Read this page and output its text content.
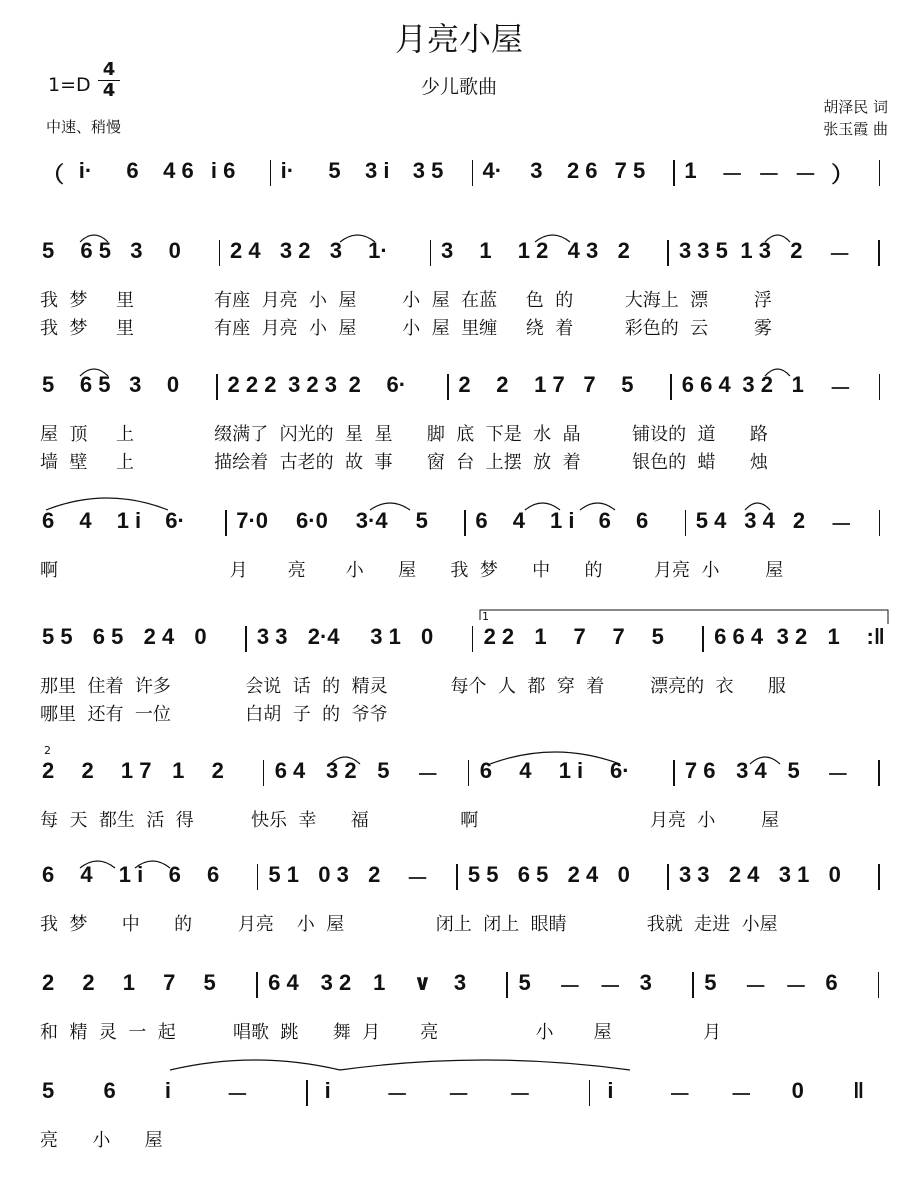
月亮小屋
少儿歌曲
1=D
4
4
中速、稍慢
胡泽民 词
张玉霞 曲
（ i· 6 4 6 i 6 i· 5 3 i 3 5 4· 3 2 6 7 5 1 － － － ）
5 6 5 3 0 2 4 3 2 3 1· 3 1 1 2 4 3 2 3 3 5 1 3 2 －
我  梦     里              有座  月亮  小  屋        小  屋  在蓝     色  的         大海上  漂        浮
我  梦     里              有座  月亮  小  屋        小  屋  里缠     绕  着         彩色的  云        雾
5 6 5 3 0 2 2 2 3 2 3 2 6· 2 2 1 7 7 5 6 6 4 3 2 1 －
屋  顶     上              缀满了  闪光的  星  星      脚  底  下是  水  晶         铺设的  道      路
墙  壁     上              描绘着  古老的  故  事      窗  台  上摆  放  着         银色的  蜡      烛
6 4 1 i 6· 7·0 6·0 3·4 5 6 4 1 i 6 6 5 4 3 4 2 －
啊                              月       亮       小      屋      我  梦      中      的         月亮  小        屋
5 5 6 5 2 4 0 3 3 2·4 3 1 0 2 2 1 7 7 5 6 6 4 3 2 1 :‖
那里  住着  许多             会说  话  的  精灵           每个  人  都  穿  着        漂亮的  衣      服
哪里  还有  一位             白胡  子  的  爷爷
1
2 2 1 7 1 2 6 4 3 2 5 － 6 4 1 i 6·	7 6 3 4 5 －
每  天  都生  活  得          快乐  幸      福                啊                              月亮  小        屋
2
6 4 1 i 6 6 5 1 0 3 2 － 5 5 6 5 2 4 0 3 3 2 4 3 1 0
我  梦      中      的        月亮    小  屋                闭上  闭上  眼睛              我就  走进  小屋
2 2 1 7 5 6 4 3 2 1 ∨ 3 5 － － 3 5 － － 6
和  精  灵  一  起          唱歌  跳      舞  月       亮                 小       屋                月
5 6 i	－	i	－ － －	i	－ － 0 ‖
亮      小      屋
